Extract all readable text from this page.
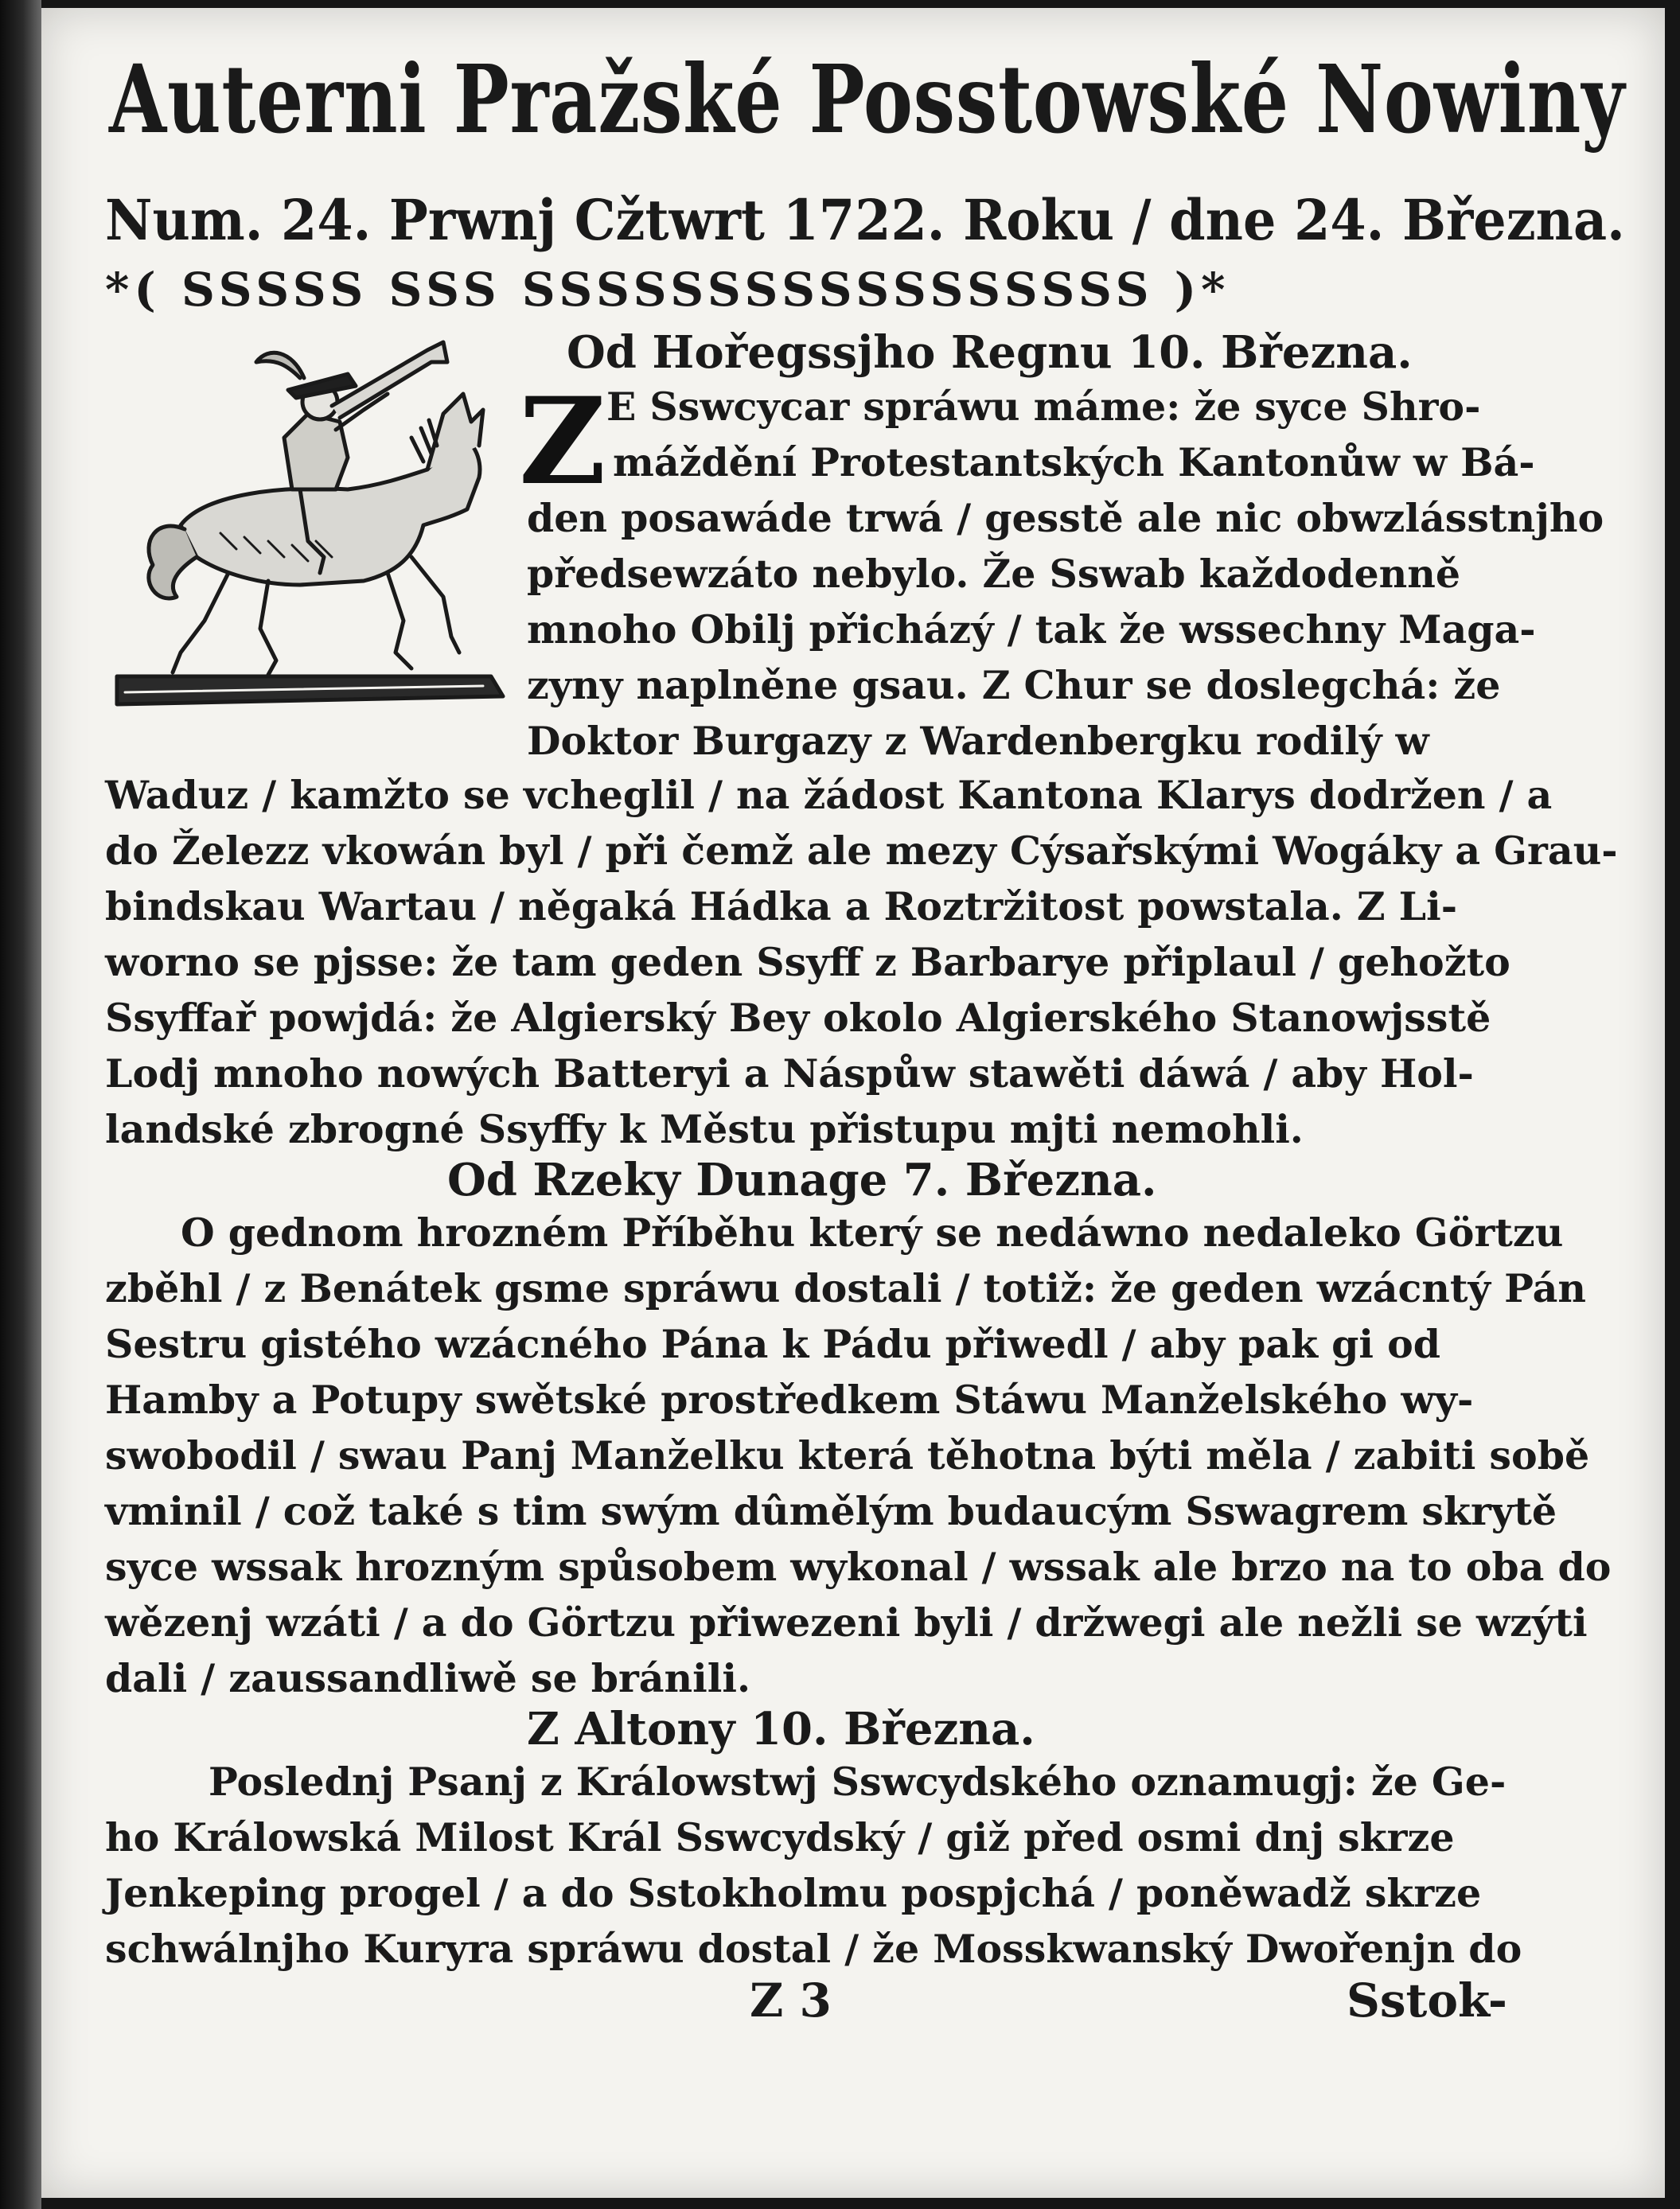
Auterni Pražské Posstowské Nowiny
Num. 24. Prwnj Cžtwrt 1722. Roku / dne 24. Března.
*( SSSSS SSS SSSSSSSSSSSSSSSSS )*
Z
Od Hořegssjho Regnu 10. Března.
E Sswcycar spráwu máme: že syce Shro-
máždění Protestantských Kantonůw w Bá-
den posawáde trwá / gesstě ale nic obwzlásstnjho
předsewzáto nebylo. Že Sswab každodenně
mnoho Obilj přicházý / tak že wssechny Maga-
zyny naplněne gsau. Z Chur se doslegchá: že
Doktor Burgazy z Wardenbergku rodilý w
Waduz / kamžto se vcheglil / na žádost Kantona Klarys dodržen / a
do Železz vkowán byl / při čemž ale mezy Cýsařskými Wogáky a Grau-
bindskau Wartau / něgaká Hádka a Roztržitost powstala. Z Li-
worno se pjsse: že tam geden Ssyff z Barbarye připlaul / gehožto
Ssyffař powjdá: že Algierský Bey okolo Algierského Stanowjsstě
Lodj mnoho nowých Batteryi a Náspůw stawěti dáwá / aby Hol-
landské zbrogné Ssyffy k Městu přistupu mjti nemohli.
Od Rzeky Dunage 7. Března.
O gednom hrozném Příběhu který se nedáwno nedaleko Görtzu
zběhl / z Benátek gsme spráwu dostali / totiž: že geden wzácntý Pán
Sestru gistého wzácného Pána k Pádu přiwedl / aby pak gi od
Hamby a Potupy swětské prostředkem Stáwu Manželského wy-
swobodil / swau Panj Manželku která těhotna býti měla / zabiti sobě
vminil / což také s tim swým dûmělým budaucým Sswagrem skrytě
syce wssak hrozným spůsobem wykonal / wssak ale brzo na to oba do
wězenj wzáti / a do Görtzu přiwezeni byli / držwegi ale nežli se wzýti
dali / zaussandliwě se bránili.
Z Altony 10. Března.
Poslednj Psanj z Králowstwj Sswcydského oznamugj: že Ge-
ho Králowská Milost Král Sswcydský / giž před osmi dnj skrze
Jenkeping progel / a do Sstokholmu pospjchá / poněwadž skrze
schwálnjho Kuryra spráwu dostal / že Mosskwanský Dwořenjn do
Z 3	Sstok-
